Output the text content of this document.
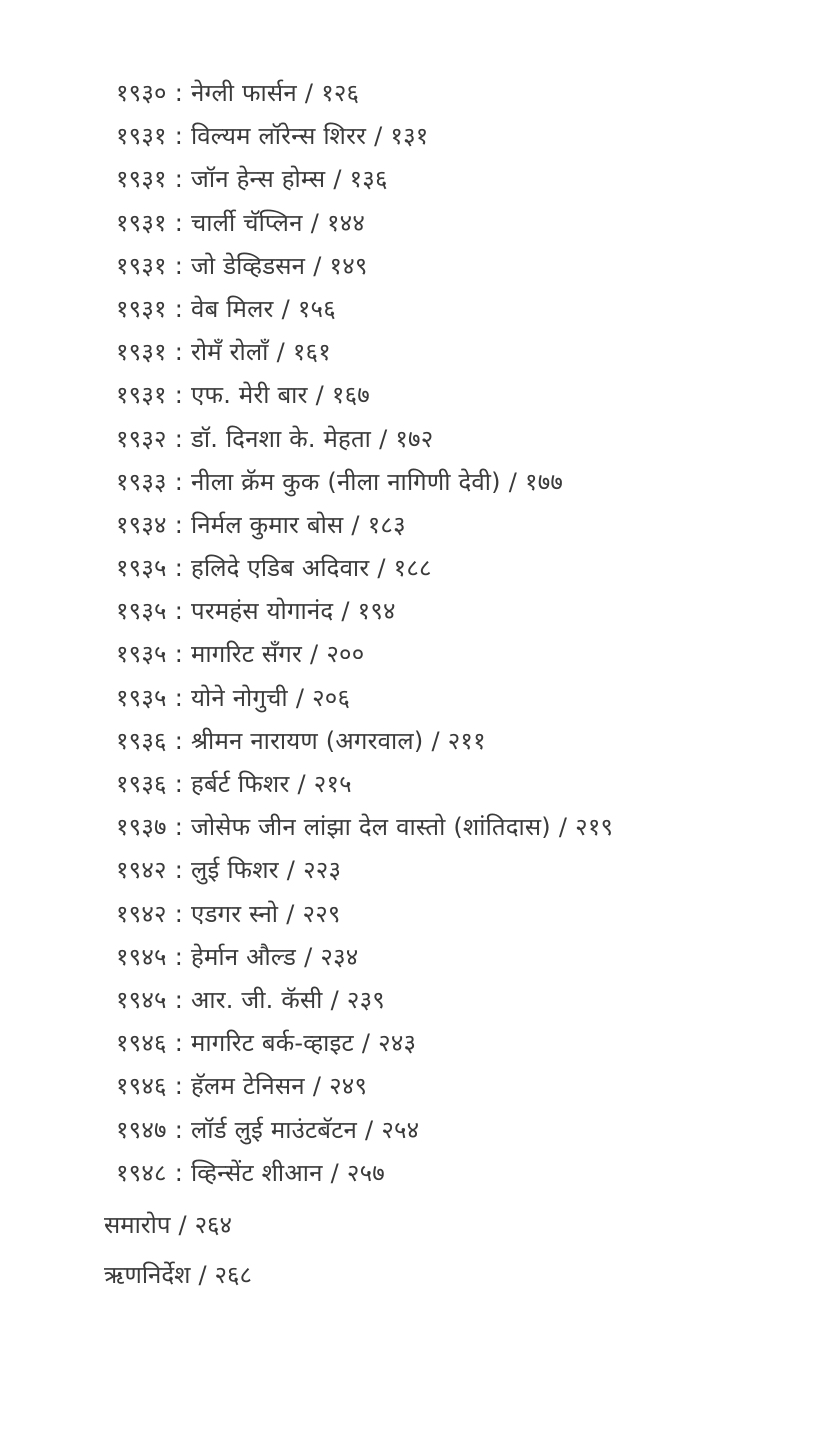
१९३० : नेग्ली फार्सन / १२६
१९३१ : विल्यम लॉरेन्स शिरर / १३१
१९३१ : जॉन हेन्स होम्स / १३६
१९३१ : चार्ली चॅप्लिन / १४४
१९३१ : जो डेव्हिडसन / १४९
१९३१ : वेब मिलर / १५६
१९३१ : रोमँ रोलाँ / १६१
१९३१ : एफ. मेरी बार / १६७
१९३२ : डॉ. दिनशा के. मेहता / १७२
१९३३ : नीला क्रॅम कुक (नीला नागिणी देवी) / १७७
१९३४ : निर्मल कुमार बोस / १८३
१९३५ : हलिदे एडिब अदिवार / १८८
१९३५ : परमहंस योगानंद / १९४
१९३५ : मागरिट सँगर / २००
१९३५ : योने नोगुची / २०६
१९३६ : श्रीमन नारायण (अगरवाल) / २११
१९३६ : हर्बर्ट फिशर / २१५
१९३७ : जोसेफ जीन लांझा देल वास्तो (शांतिदास) / २१९
१९४२ : लुई फिशर / २२३
१९४२ : एडगर स्नो / २२९
१९४५ : हेर्मान औल्ड / २३४
१९४५ : आर. जी. कॅसी / २३९
१९४६ : मागरिट बर्क-व्हाइट / २४३
१९४६ : हॅलम टेनिसन / २४९
१९४७ : लॉर्ड लुई माउंटबॅटन / २५४
१९४८ : व्हिन्सेंट शीआन / २५७
समारोप / २६४
ऋणनिर्देश / २६८
